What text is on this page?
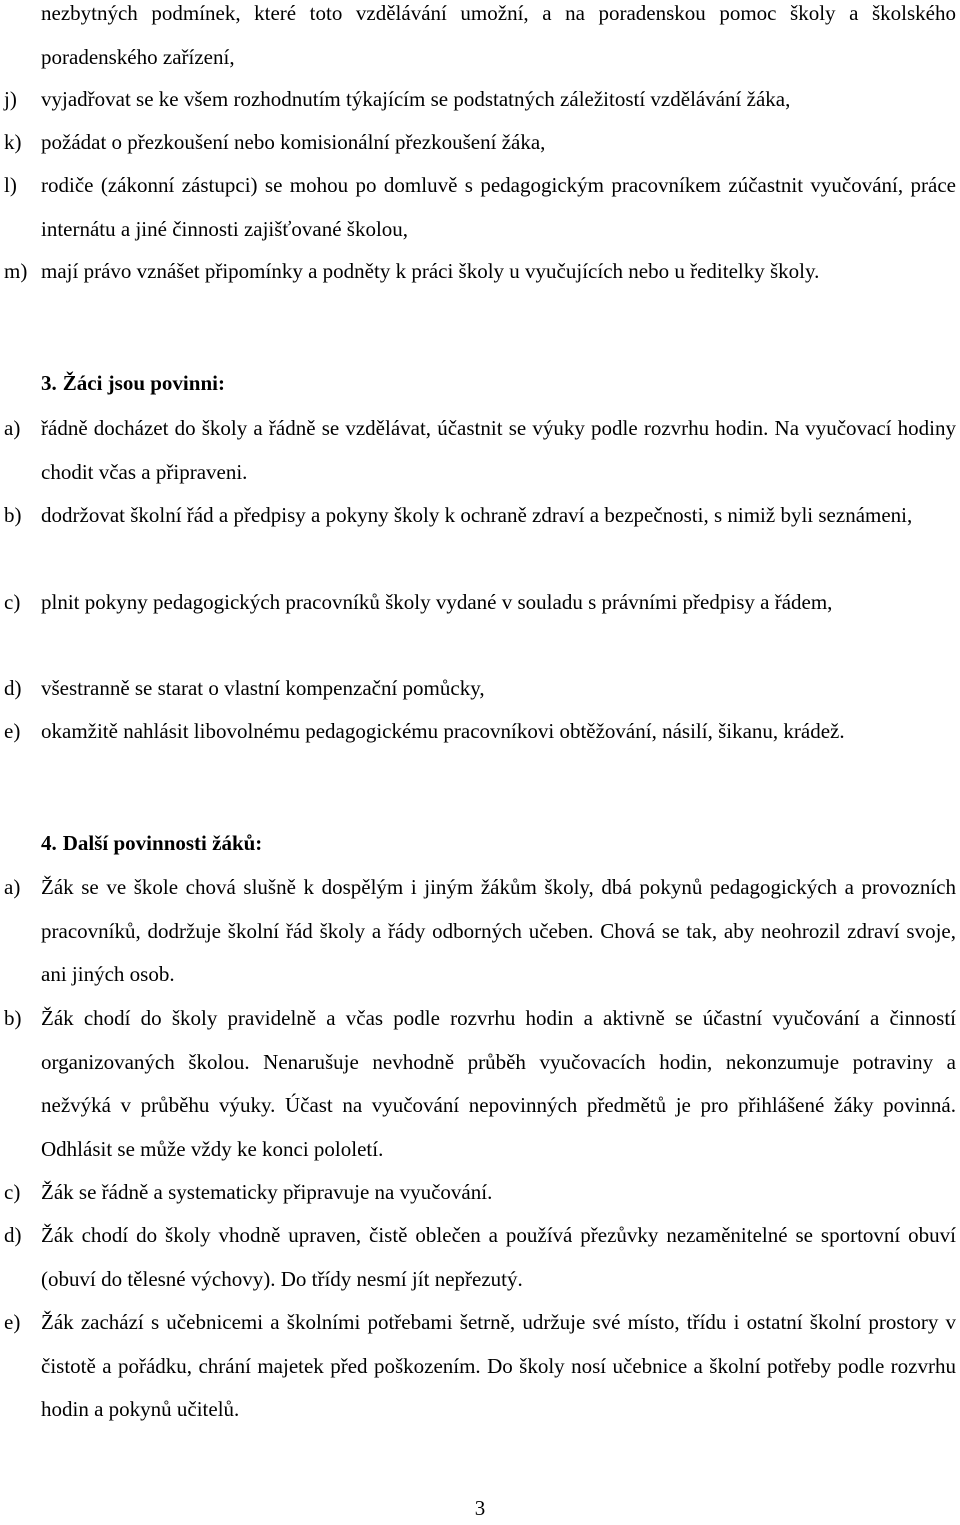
nezbytných podmínek, které toto vzdělávání umožní, a na poradenskou pomoc školy a školského poradenského zařízení,
j) vyjadřovat se ke všem rozhodnutím týkajícím se podstatných záležitostí vzdělávání žáka,
k) požádat o přezkoušení nebo komisionální přezkoušení žáka,
l) rodiče (zákonní zástupci) se mohou po domluvě s pedagogickým pracovníkem zúčastnit vyučování, práce internátu a jiné činnosti zajišťované školou,
m) mají právo vznášet připomínky a podněty k práci školy u vyučujících nebo u ředitelky školy.
3. Žáci jsou povinni:
a) řádně docházet do školy a řádně se vzdělávat, účastnit se výuky podle rozvrhu hodin. Na vyučovací hodiny chodit včas a připraveni.
b) dodržovat školní řád a předpisy a pokyny školy k ochraně zdraví a bezpečnosti, s nimiž byli seznámeni,
c) plnit pokyny pedagogických pracovníků školy vydané v souladu s právními předpisy a řádem,
d) všestranně se starat o vlastní kompenzační pomůcky,
e) okamžitě nahlásit libovolnému pedagogickému pracovníkovi obtěžování, násilí, šikanu, krádež.
4. Další povinnosti žáků:
a) Žák se ve škole chová slušně k dospělým i jiným žákům školy, dbá pokynů pedagogických a provozních pracovníků, dodržuje školní řád školy a řády odborných učeben. Chová se tak, aby neohrozil zdraví svoje, ani jiných osob.
b) Žák chodí do školy pravidelně a včas podle rozvrhu hodin a aktivně se účastní vyučování a činností organizovaných školou. Nenarušuje nevhodně průběh vyučovacích hodin, nekonzumuje potraviny a nežvýká v průběhu výuky. Účast na vyučování nepovinných předmětů je pro přihlášené žáky povinná. Odhlásit se může vždy ke konci pololetí.
c) Žák se řádně a systematicky připravuje na vyučování.
d) Žák chodí do školy vhodně upraven, čistě oblečen a používá přezůvky nezaměnitelné se sportovní obuví (obuví do tělesné výchovy). Do třídy nesmí jít nepřezutý.
e) Žák zachází s učebnicemi a školními potřebami šetrně, udržuje své místo, třídu i ostatní školní prostory v čistotě a pořádku, chrání majetek před poškozením. Do školy nosí učebnice a školní potřeby podle rozvrhu hodin a pokynů učitelů.
3
